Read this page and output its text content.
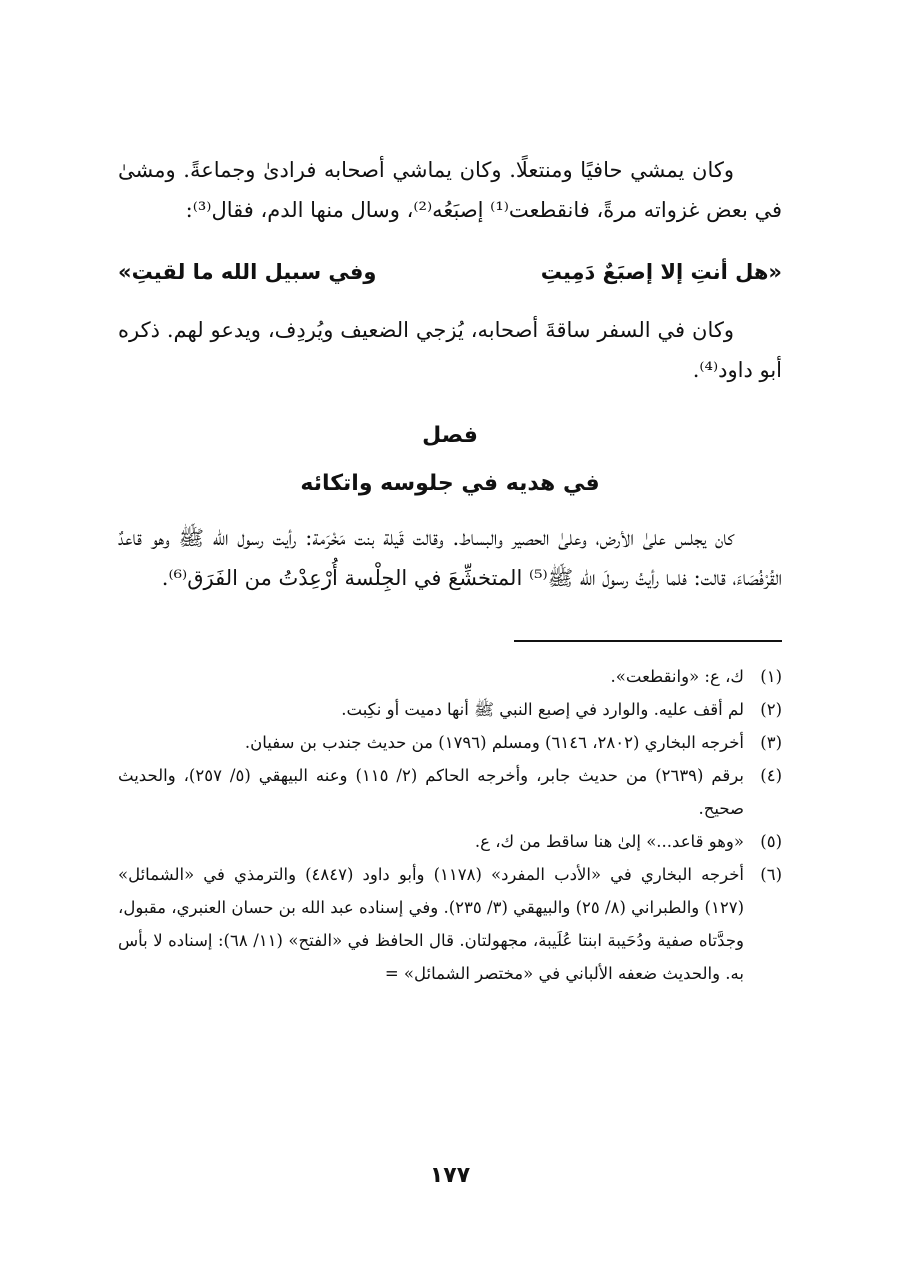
وكان يمشي حافيًا ومنتعلًا. وكان يماشي أصحابه فرادىٰ وجماعةً. ومشىٰ في بعض غزواته مرةً، فانقطعت⁽¹⁾ إصبَعُه⁽²⁾، وسال منها الدم، فقال⁽³⁾:

«هل أنتِ إلا إصبَعٌ دَمِيتِ
وفي سبيل الله ما لقيتِ»

وكان في السفر ساقةَ أصحابه، يُزجي الضعيف ويُردِف، ويدعو لهم. ذكره أبو داود⁽⁴⁾.

فصل
في هديه في جلوسه واتكائه

كان يجلس علىٰ الأرض، وعلىٰ الحصير والبساط. وقالت قَيلة بنت مَخْرَمة: رأيت رسول الله ﷺ وهو قاعدٌ القُرْفُصَاءَ، قالت: فلما رأيتُ رسولَ الله ﷺ⁽⁵⁾ المتخشِّعَ في الجِلْسة أُرْعِدْتُ من الفَرَق⁽⁶⁾.

(١)
ك، ع: «وانقطعت».
(٢)
لم أقف عليه. والوارد في إصبع النبي ﷺ أنها دميت أو نكِبت.
(٣)
أخرجه البخاري (٢٨٠٢، ٦١٤٦) ومسلم (١٧٩٦) من حديث جندب بن سفيان.
(٤)
برقم (٢٦٣٩) من حديث جابر، وأخرجه الحاكم (٢/ ١١٥) وعنه البيهقي (٥/ ٢٥٧)، والحديث صحيح.
(٥)
«وهو قاعد...» إلىٰ هنا ساقط من ك، ع.
(٦)
أخرجه البخاري في «الأدب المفرد» (١١٧٨) وأبو داود (٤٨٤٧) والترمذي في «الشمائل» (١٢٧) والطبراني (٨/ ٢٥) والبيهقي (٣/ ٢٣٥). وفي إسناده عبد الله بن حسان العنبري، مقبول، وجدَّتاه صفية ودُحَيبة ابنتا عُلَيبة، مجهولتان. قال الحافظ في «الفتح» (١١/ ٦٨): إسناده لا بأس به. والحديث ضعفه الألباني في «مختصر الشمائل» =
١٧٧
